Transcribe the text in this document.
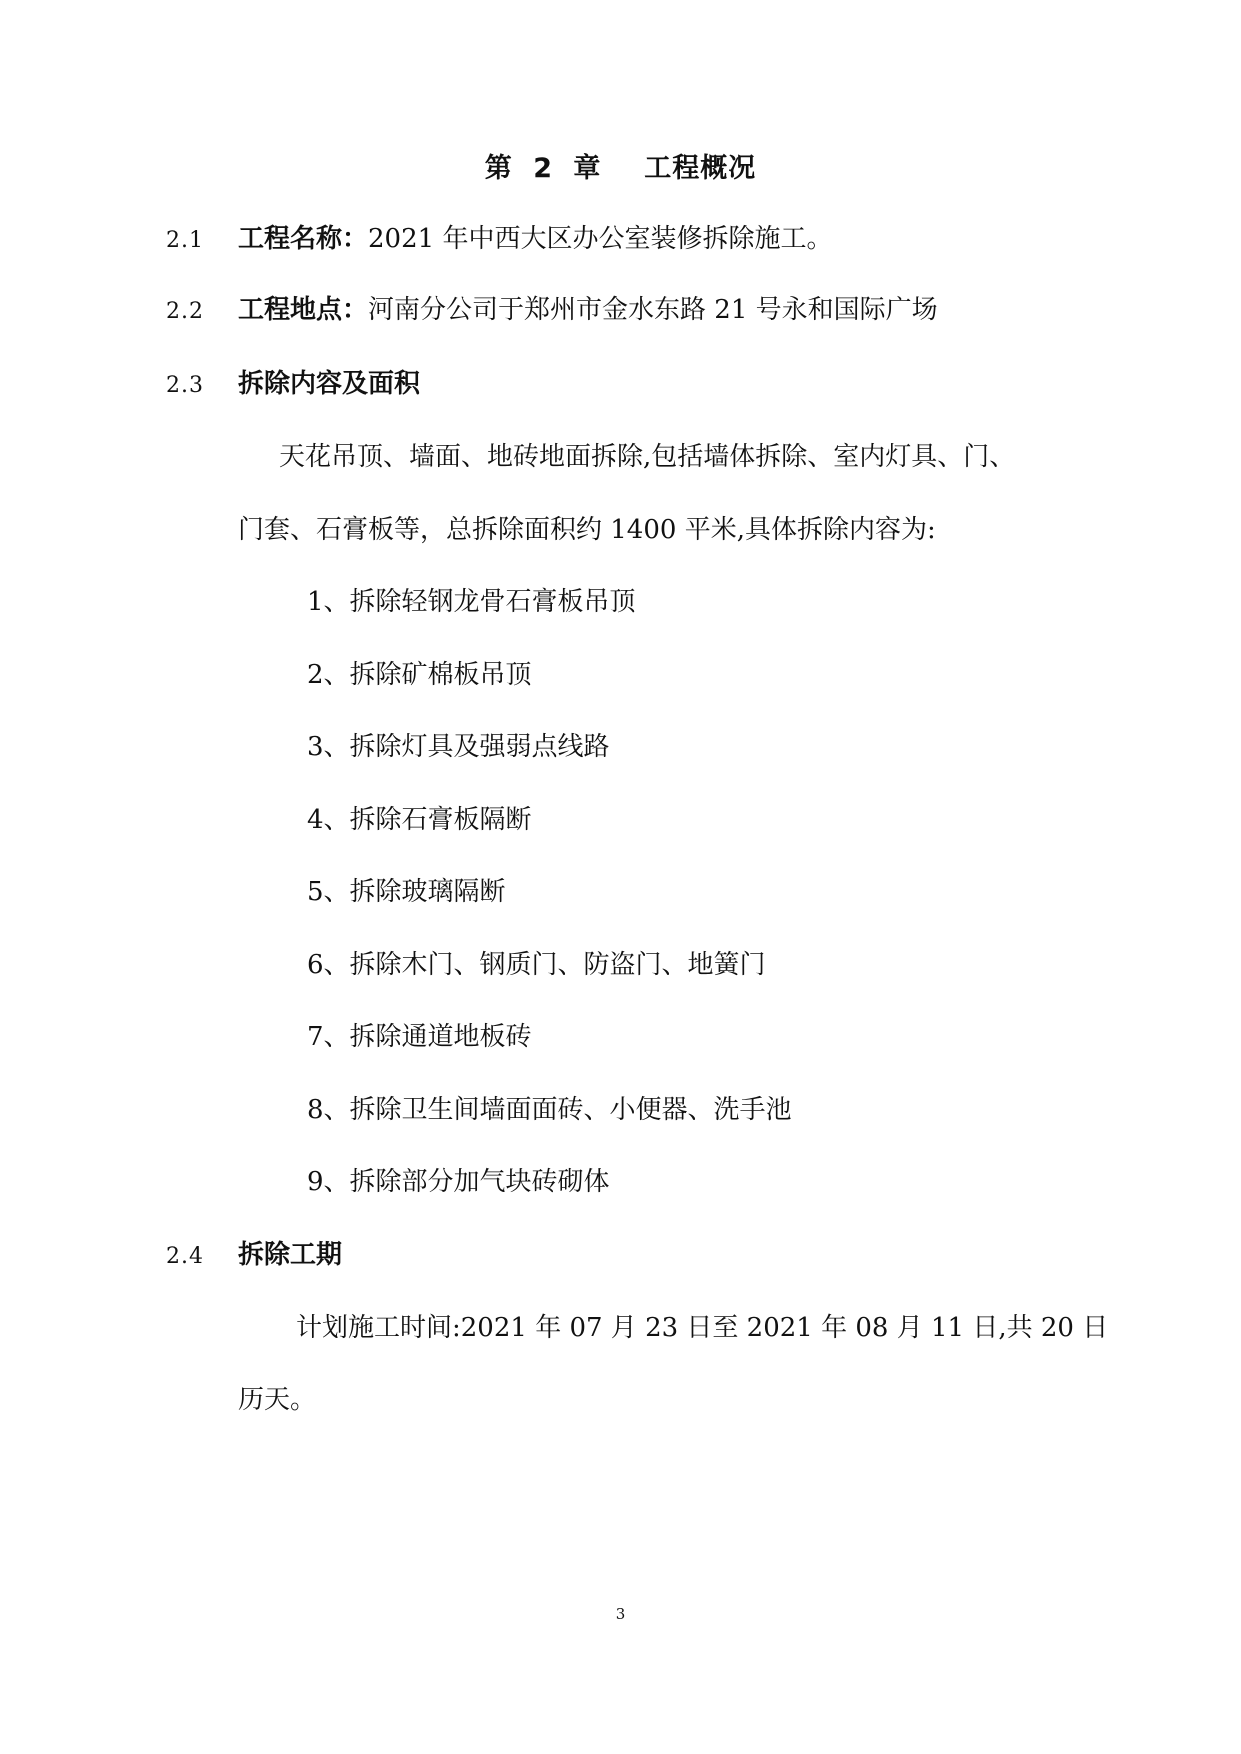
第 2 章 工程概况
2.1 工程名称：2021 年中西大区办公室装修拆除施工。
2.2 工程地点：河南分公司于郑州市金水东路 21 号永和国际广场
2.3 拆除内容及面积
天花吊顶、墙面、地砖地面拆除,包括墙体拆除、室内灯具、门、
门套、石膏板等，总拆除面积约 1400 平米,具体拆除内容为:
1、拆除轻钢龙骨石膏板吊顶
2、拆除矿棉板吊顶
3、拆除灯具及强弱点线路
4、拆除石膏板隔断
5、拆除玻璃隔断
6、拆除木门、钢质门、防盗门、地簧门
7、拆除通道地板砖
8、拆除卫生间墙面面砖、小便器、洗手池
9、拆除部分加气块砖砌体
2.4 拆除工期
计划施工时间:2021 年 07 月 23 日至 2021 年 08 月 11 日,共 20 日
历天。
3
